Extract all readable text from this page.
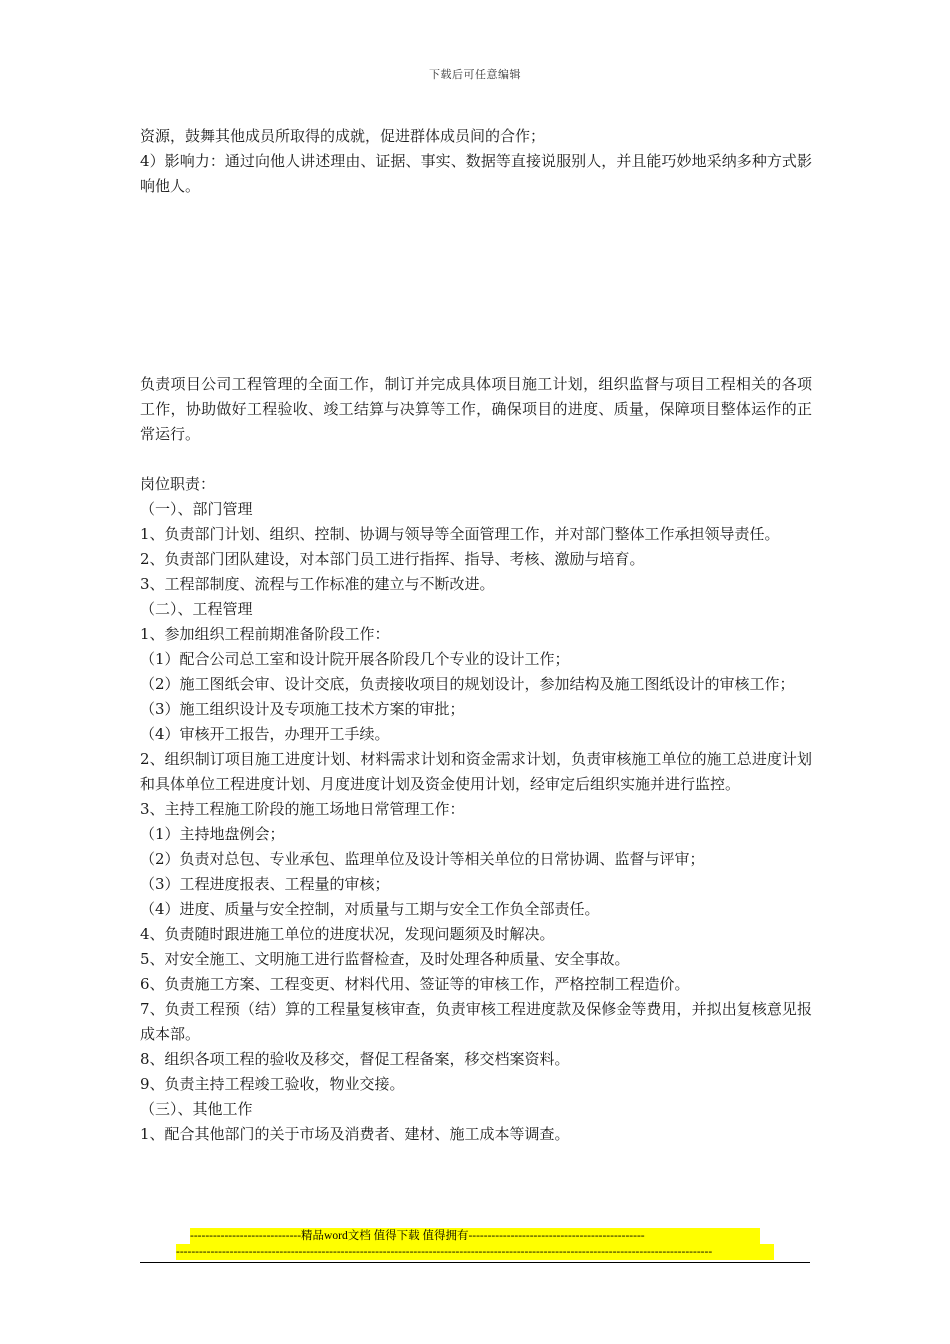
下载后可任意编辑

资源，鼓舞其他成员所取得的成就，促进群体成员间的合作；

4）影响力：通过向他人讲述理由、证据、事实、数据等直接说服别人，并且能巧妙地采纳多种方式影响他人。

负责项目公司工程管理的全面工作，制订并完成具体项目施工计划，组织监督与项目工程相关的各项工作，协助做好工程验收、竣工结算与决算等工作，确保项目的进度、质量，保障项目整体运作的正常运行。

岗位职责：

（一）、部门管理

1、负责部门计划、组织、控制、协调与领导等全面管理工作，并对部门整体工作承担领导责任。

2、负责部门团队建设，对本部门员工进行指挥、指导、考核、激励与培育。

3、工程部制度、流程与工作标准的建立与不断改进。

（二）、工程管理

1、参加组织工程前期准备阶段工作：

（1）配合公司总工室和设计院开展各阶段几个专业的设计工作；

（2）施工图纸会审、设计交底，负责接收项目的规划设计，参加结构及施工图纸设计的审核工作；

（3）施工组织设计及专项施工技术方案的审批；

（4）审核开工报告，办理开工手续。

2、组织制订项目施工进度计划、材料需求计划和资金需求计划，负责审核施工单位的施工总进度计划和具体单位工程进度计划、月度进度计划及资金使用计划，经审定后组织实施并进行监控。

3、主持工程施工阶段的施工场地日常管理工作：

（1）主持地盘例会；

（2）负责对总包、专业承包、监理单位及设计等相关单位的日常协调、监督与评审；

（3）工程进度报表、工程量的审核；

（4）进度、质量与安全控制，对质量与工期与安全工作负全部责任。

4、负责随时跟进施工单位的进度状况，发现问题须及时解决。

5、对安全施工、文明施工进行监督检查，及时处理各种质量、安全事故。

6、负责施工方案、工程变更、材料代用、签证等的审核工作，严格控制工程造价。

7、负责工程预（结）算的工程量复核审查，负责审核工程进度款及保修金等费用，并拟出复核意见报成本部。

8、组织各项工程的验收及移交，督促工程备案，移交档案资料。

9、负责主持工程竣工验收，物业交接。

（三）、其他工作

1、配合其他部门的关于市场及消费者、建材、施工成本等调查。

-----------------------------精品word文档 值得下载 值得拥有----------------------------------------------
--------------------------------------------------------------------------------------------------------------------------------------------
